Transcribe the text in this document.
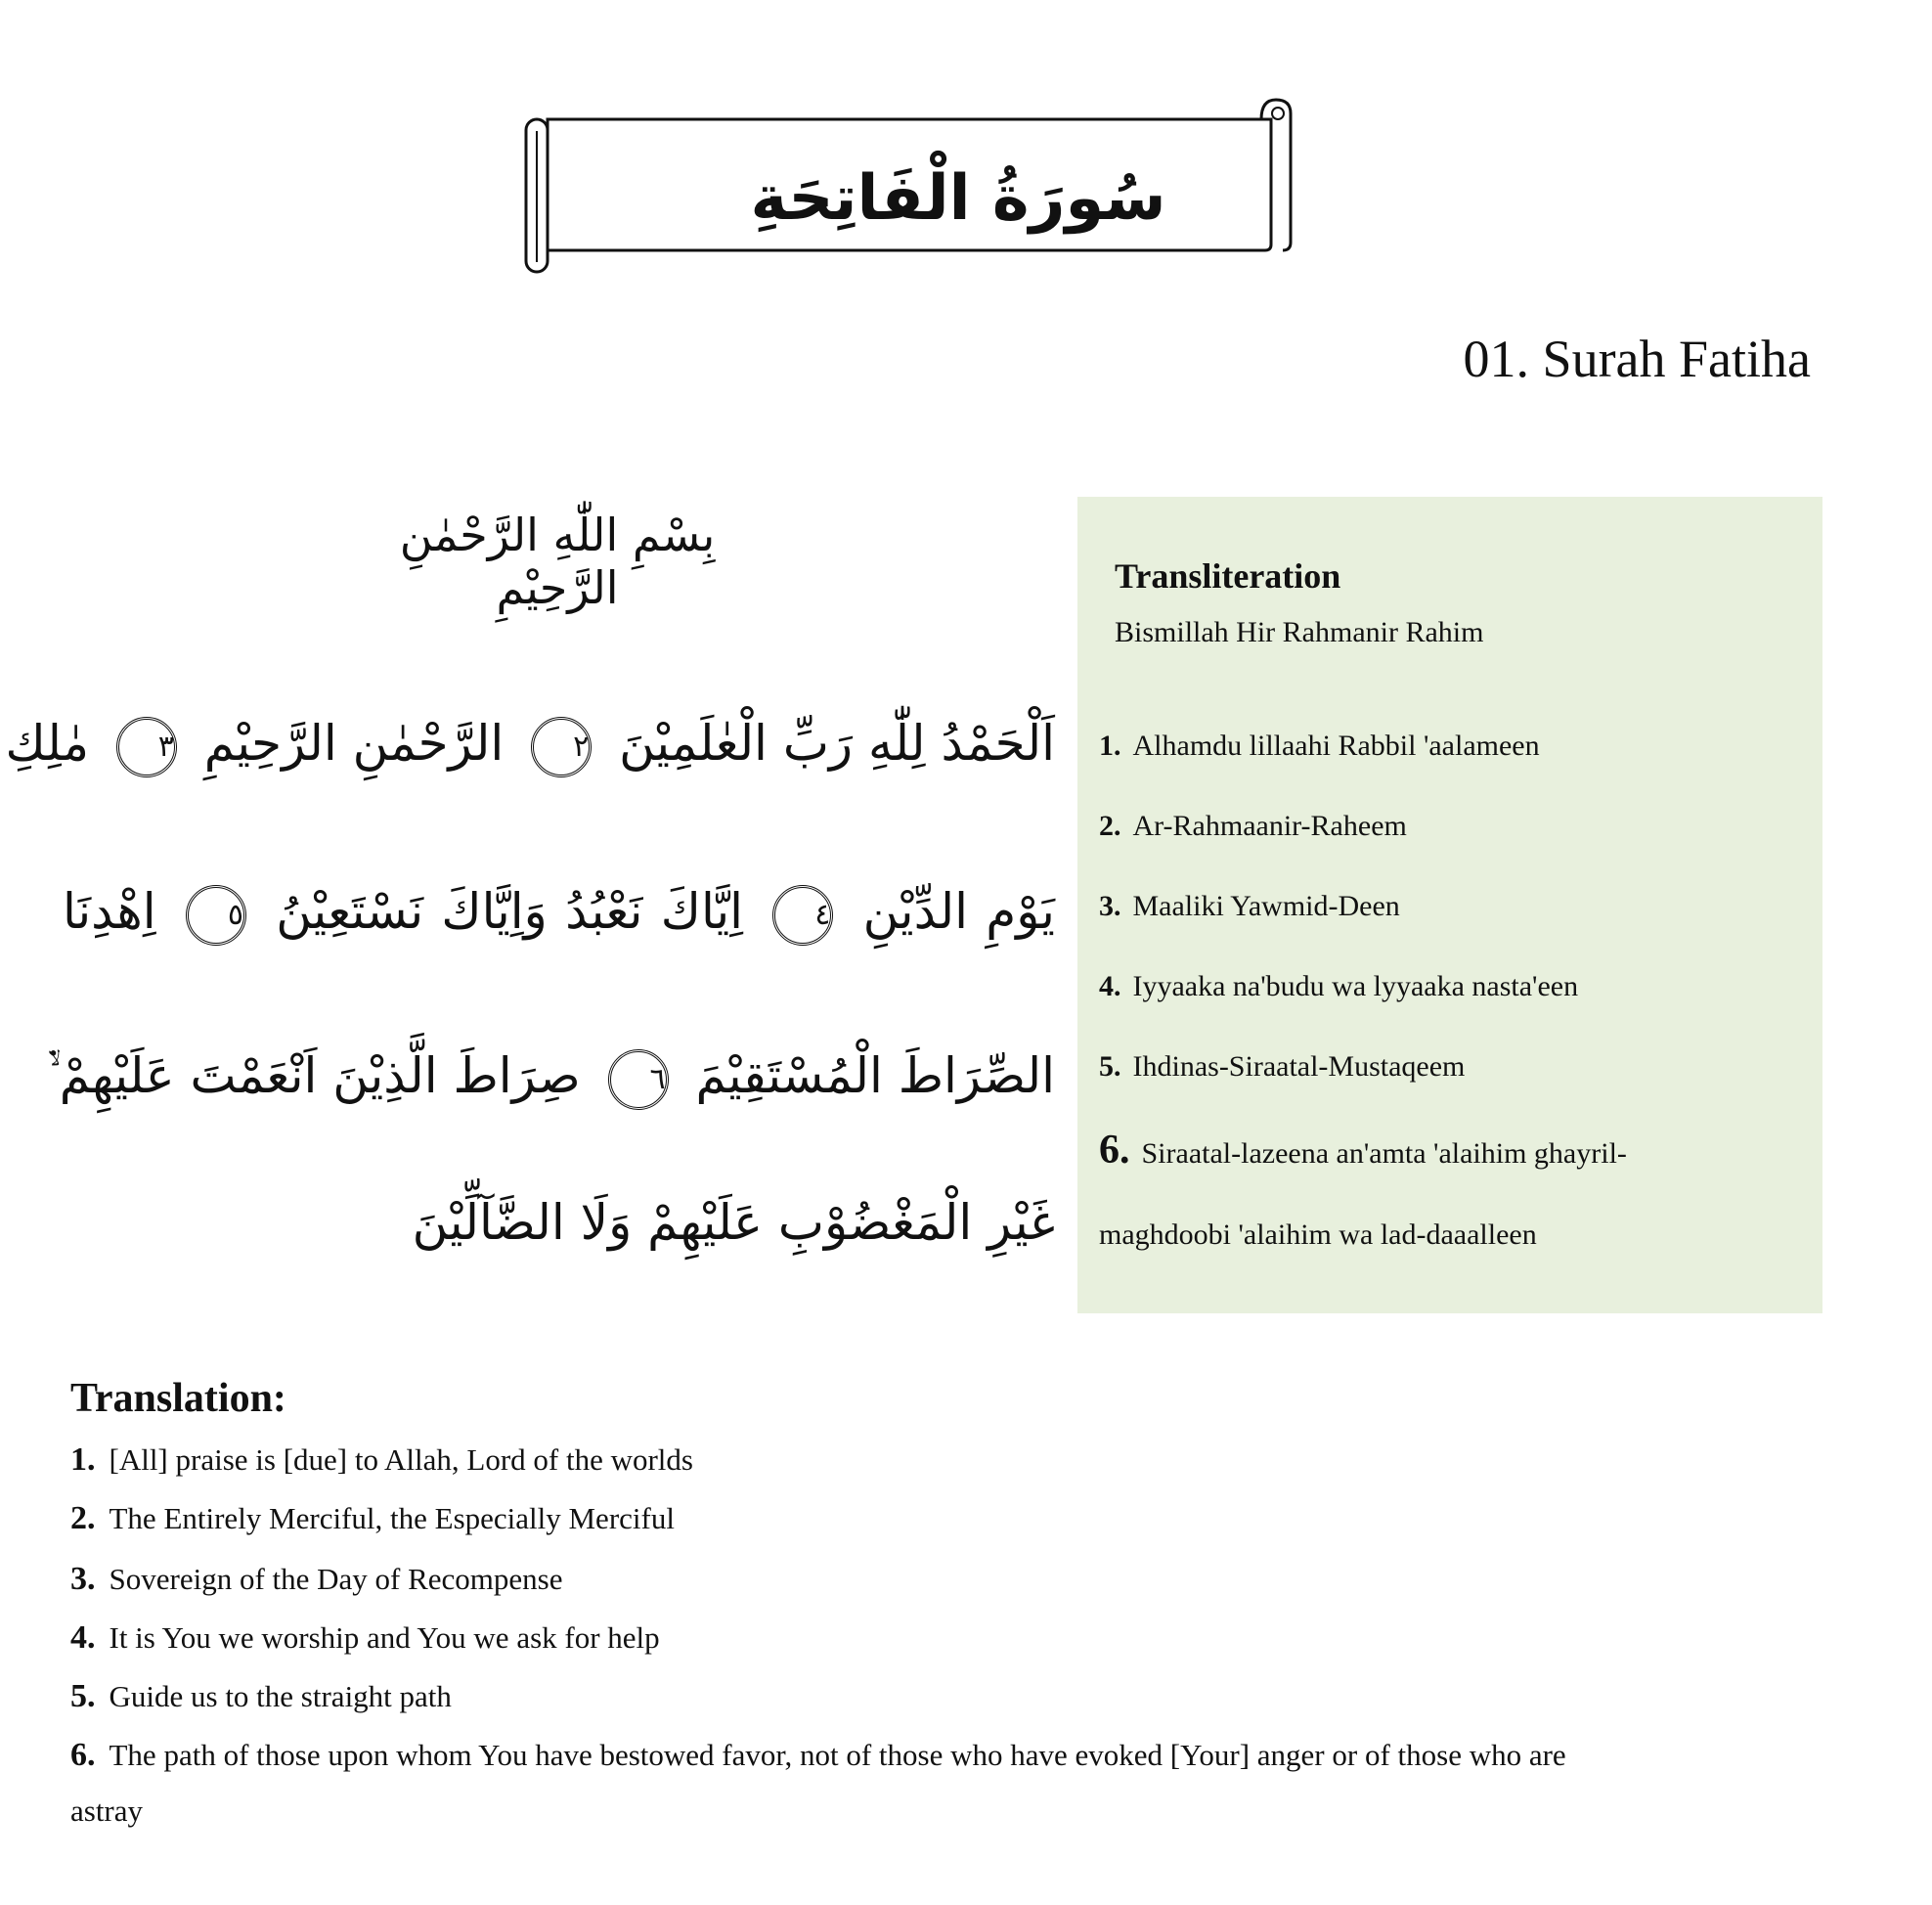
سُورَةُ الْفَاتِحَةِ
01. Surah Fatiha
بِسْمِ اللّٰهِ الرَّحْمٰنِ الرَّحِيْمِ
اَلْحَمْدُ لِلّٰهِ رَبِّ الْعٰلَمِيْنَ ٢ الرَّحْمٰنِ الرَّحِيْمِ ٣ مٰلِكِ
يَوْمِ الدِّيْنِ ٤ اِيَّاكَ نَعْبُدُ وَاِيَّاكَ نَسْتَعِيْنُ ٥ اِهْدِنَا
الصِّرَاطَ الْمُسْتَقِيْمَ ٦ صِرَاطَ الَّذِيْنَ اَنْعَمْتَ عَلَيْهِمْ ۙ۬
غَيْرِ الْمَغْضُوْبِ عَلَيْهِمْ وَلَا الضَّآلِّيْنَ
Transliteration
Bismillah Hir Rahmanir Rahim
1. Alhamdu lillaahi Rabbil 'aalameen
2. Ar-Rahmaanir-Raheem
3. Maaliki Yawmid-Deen
4. Iyyaaka na'budu wa lyyaaka nasta'een
5. Ihdinas-Siraatal-Mustaqeem
6. Siraatal-lazeena an'amta 'alaihim ghayril-
maghdoobi 'alaihim wa lad-daaalleen
Translation:
1. [All] praise is [due] to Allah, Lord of the worlds
2. The Entirely Merciful, the Especially Merciful
3. Sovereign of the Day of Recompense
4. It is You we worship and You we ask for help
5. Guide us to the straight path
6. The path of those upon whom You have bestowed favor, not of those who have evoked [Your] anger or of those who are
astray
